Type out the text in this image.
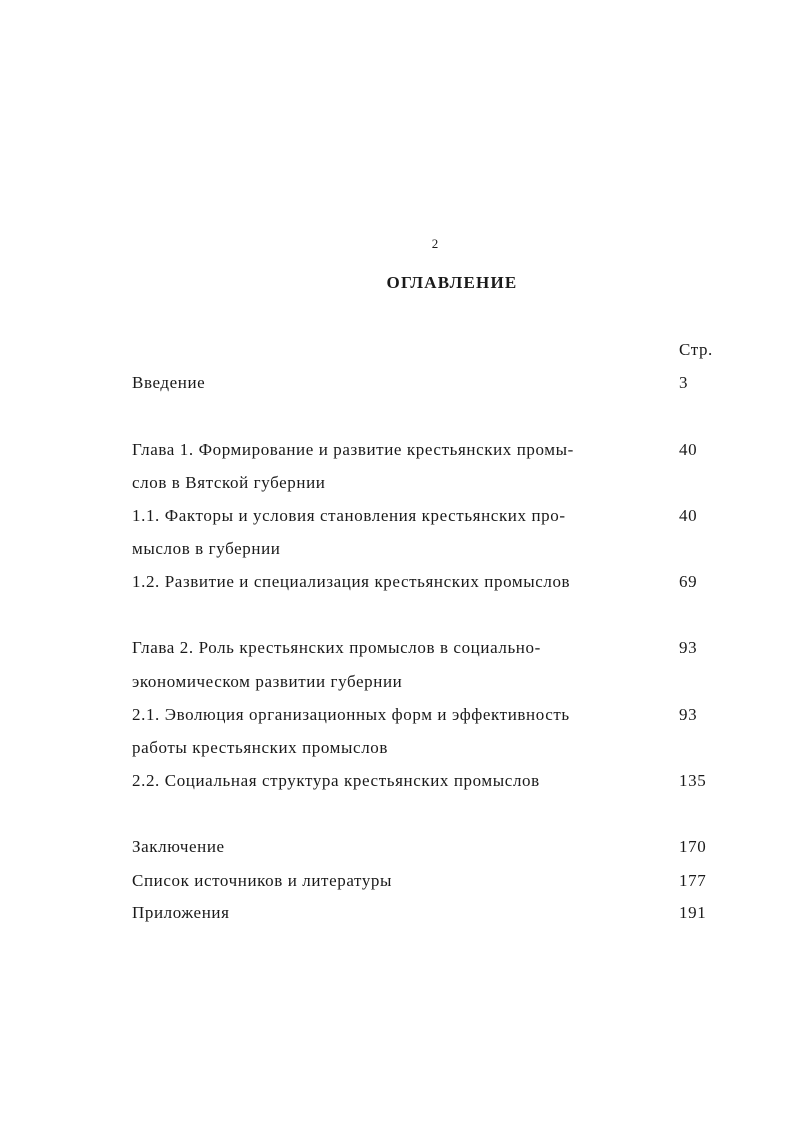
2
ОГЛАВЛЕНИЕ
Стр.
Введение	3
Глава 1. Формирование и развитие крестьянских промы-	40
слов в Вятской губернии
1.1. Факторы и условия становления крестьянских про-	40
мыслов в губернии
1.2. Развитие и специализация крестьянских промыслов	69
Глава 2. Роль крестьянских промыслов в социально-	93
экономическом развитии губернии
2.1. Эволюция организационных форм и эффективность	93
работы крестьянских промыслов
2.2. Социальная структура крестьянских промыслов	135
Заключение	170
Список источников и литературы	177
Приложения	191
